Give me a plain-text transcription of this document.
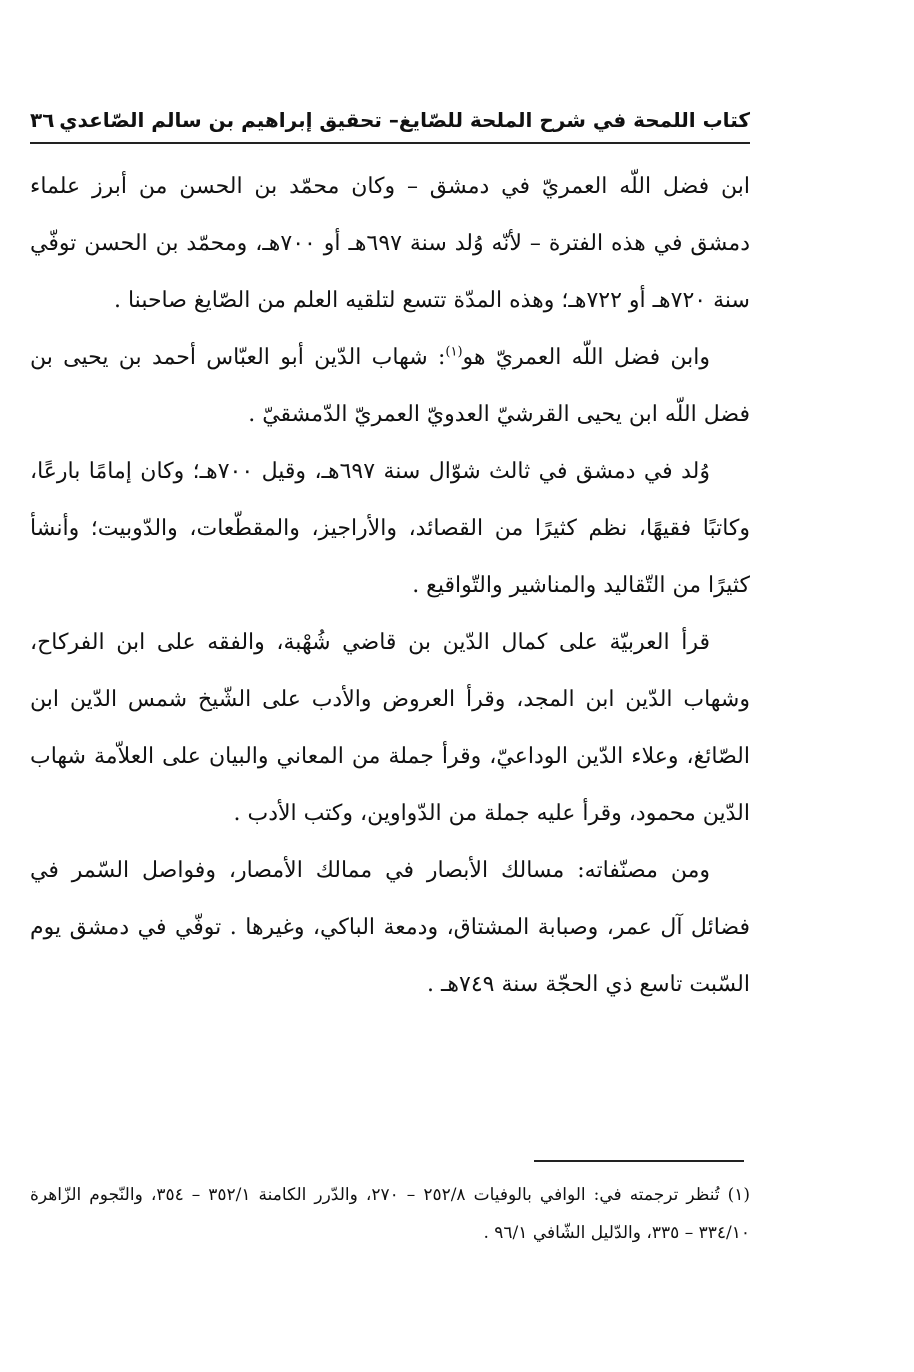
كتاب اللمحة في شرح الملحة للصّايغ– تحقيق إبراهيم بن سالم الصّاعدي
٣٦

ابن فضل اللّه العمريّ في دمشق – وكان محمّد بن الحسن من أبرز علماء دمشق في هذه الفترة – لأنّه وُلد سنة ٦٩٧هـ أو ٧٠٠هـ، ومحمّد بن الحسن توفّي سنة ٧٢٠هـ أو ٧٢٢هـ؛ وهذه المدّة تتسع لتلقيه العلم من الصّايغ صاحبنا .

وابن فضل اللّه العمريّ هو$^{(١)}$: شهاب الدّين أبو العبّاس أحمد بن يحيى بن فضل اللّه ابن يحيى القرشيّ العدويّ العمريّ الدّمشقيّ .

وُلد في دمشق في ثالث شوّال سنة ٦٩٧هـ، وقيل ٧٠٠هـ؛ وكان إمامًا بارعًا، وكاتبًا فقيهًا، نظم كثيرًا من القصائد، والأراجيز، والمقطّعات، والدّوبيت؛ وأنشأ كثيرًا من التّقاليد والمناشير والتّواقيع .

قرأ العربيّة على كمال الدّين بن قاضي شُهْبة، والفقه على ابن الفركاح، وشهاب الدّين ابن المجد، وقرأ العروض والأدب على الشّيخ شمس الدّين ابن الصّائغ، وعلاء الدّين الوداعيّ، وقرأ جملة من المعاني والبيان على العلاّمة شهاب الدّين محمود، وقرأ عليه جملة من الدّواوين، وكتب الأدب .

ومن مصنّفاته: مسالك الأبصار في ممالك الأمصار، وفواصل السّمر في فضائل آل عمر، وصبابة المشتاق، ودمعة الباكي، وغيرها . توفّي في دمشق يوم السّبت تاسع ذي الحجّة سنة ٧٤٩هـ .

(١) تُنظر ترجمته في: الوافي بالوفيات ٢٥٢/٨ – ٢٧٠، والدّرر الكامنة ٣٥٢/١ – ٣٥٤، والنّجوم الزّاهرة ٣٣٤/١٠ – ٣٣٥، والدّليل الشّافي ٩٦/١ .
